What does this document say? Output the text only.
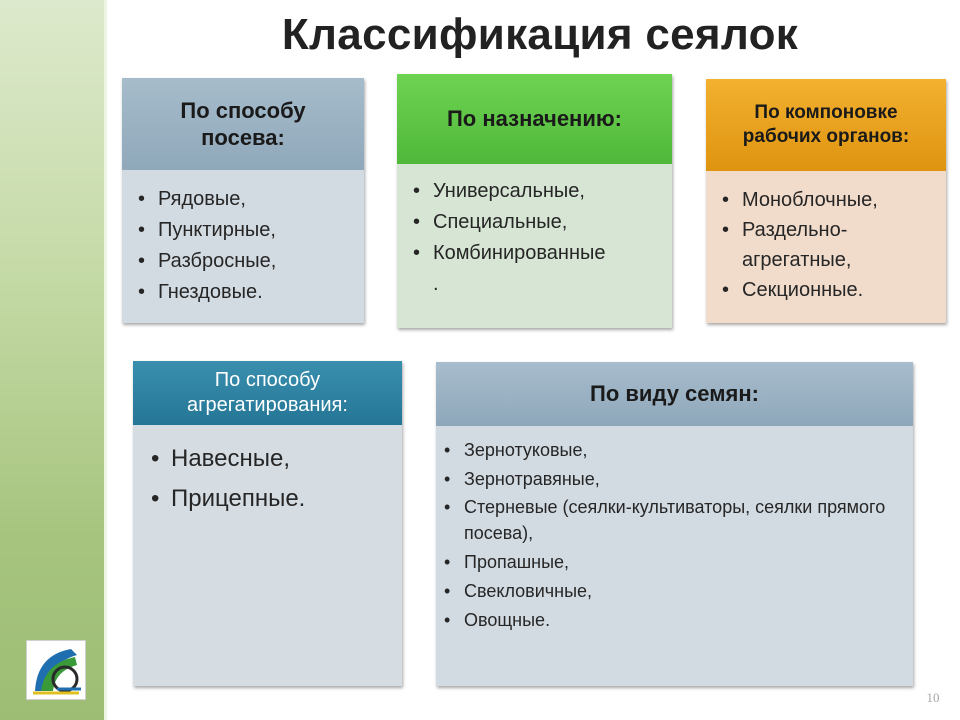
Классификация сеялок
По способу
посева:
• Рядовые,
• Пунктирные,
• Разбросные,
• Гнездовые.
По назначению:
• Универсальные,
• Специальные,
• Комбинированные
.
По компоновке
рабочих органов:
• Моноблочные,
• Раздельно-
агрегатные,
• Секционные.
По способу
агрегатирования:
• Навесные,
• Прицепные.
По виду семян:
• Зернотуковые,
• Зернотравяные,
• Стерневые (сеялки-культиваторы, сеялки прямого посева),
• Пропашные,
• Свекловичные,
• Овощные.
10
